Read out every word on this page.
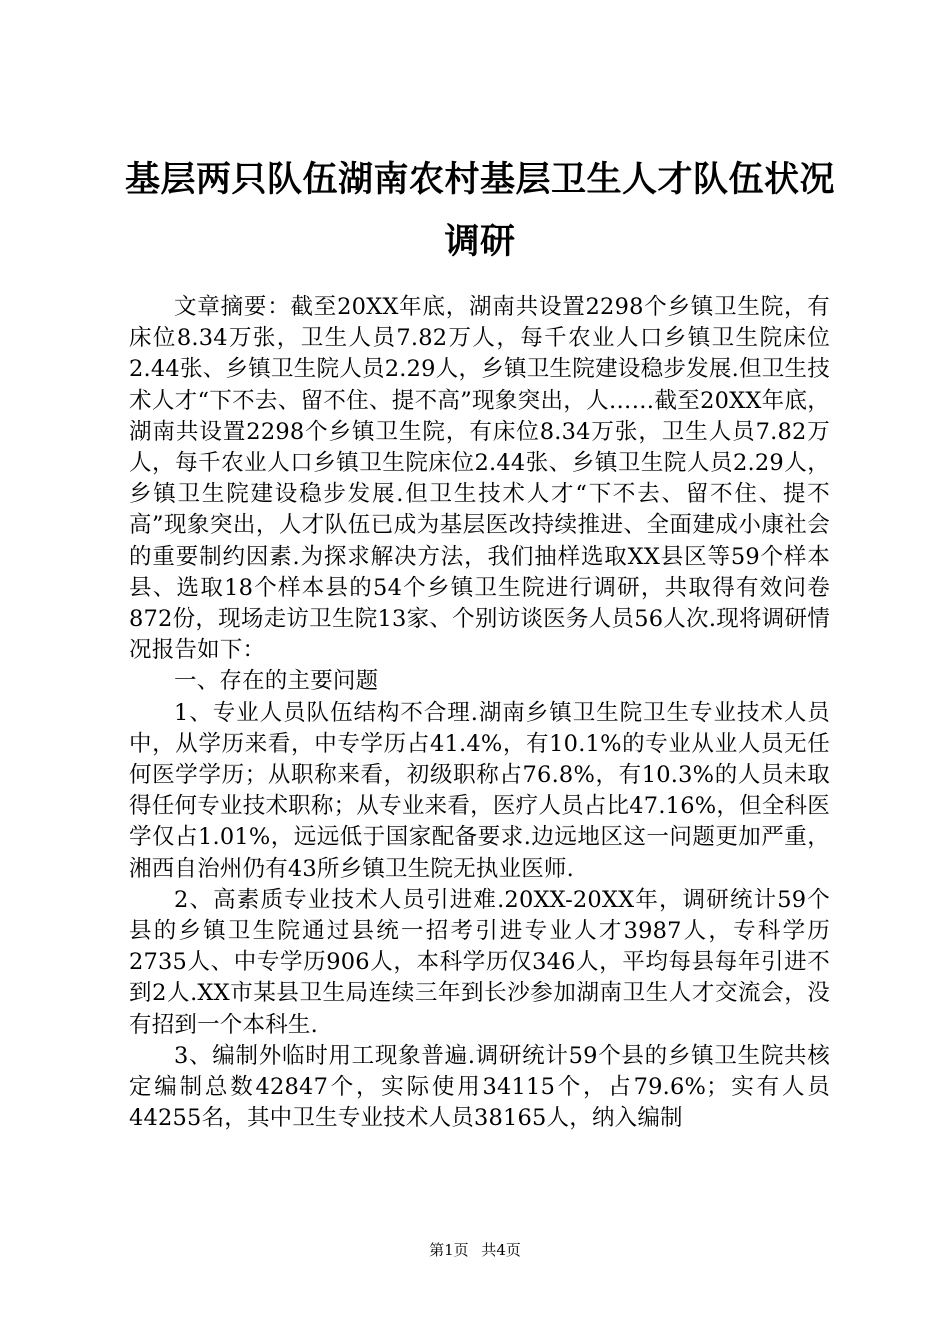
基层两只队伍湖南农村基层卫生人才队伍状况
调研

文章摘要：截至20XX年底，湖南共设置2298个乡镇卫生院，有床位8.34万张，卫生人员7.82万人，每千农业人口乡镇卫生院床位2.44张、乡镇卫生院人员2.29人，乡镇卫生院建设稳步发展.但卫生技术人才“下不去、留不住、提不高”现象突出，人……截至20XX年底，湖南共设置2298个乡镇卫生院，有床位8.34万张，卫生人员7.82万人，每千农业人口乡镇卫生院床位2.44张、乡镇卫生院人员2.29人，乡镇卫生院建设稳步发展.但卫生技术人才“下不去、留不住、提不高”现象突出，人才队伍已成为基层医改持续推进、全面建成小康社会的重要制约因素.为探求解决方法，我们抽样选取XX县区等59个样本县、选取18个样本县的54个乡镇卫生院进行调研，共取得有效问卷872份，现场走访卫生院13家、个别访谈医务人员56人次.现将调研情况报告如下：

一、存在的主要问题

1、专业人员队伍结构不合理.湖南乡镇卫生院卫生专业技术人员中，从学历来看，中专学历占41.4%，有10.1%的专业从业人员无任何医学学历；从职称来看，初级职称占76.8%，有10.3%的人员未取得任何专业技术职称；从专业来看，医疗人员占比47.16%，但全科医学仅占1.01%，远远低于国家配备要求.边远地区这一问题更加严重，湘西自治州仍有43所乡镇卫生院无执业医师.

2、高素质专业技术人员引进难.20XX-20XX年，调研统计59个县的乡镇卫生院通过县统一招考引进专业人才3987人，专科学历2735人、中专学历906人，本科学历仅346人，平均每县每年引进不到2人.XX市某县卫生局连续三年到长沙参加湖南卫生人才交流会，没有招到一个本科生.

3、编制外临时用工现象普遍.调研统计59个县的乡镇卫生院共核定编制总数42847个，实际使用34115个，占79.6%；实有人员44255名，其中卫生专业技术人员38165人，纳入编制

第1页 共4页
